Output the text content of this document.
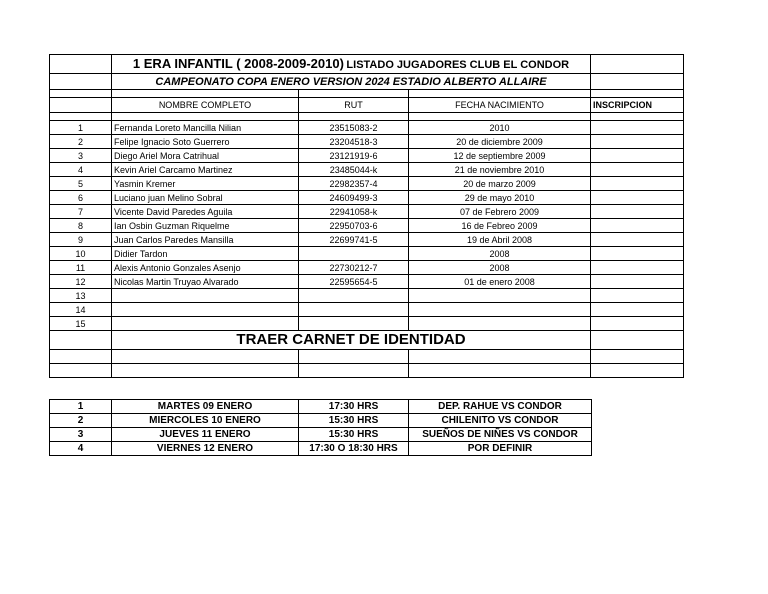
	1 ERA INFANTIL ( 2008-2009-2010) LISTADO JUGADORES CLUB EL CONDOR			
	CAMPEONATO COPA ENERO VERSION 2024 ESTADIO ALBERTO ALLAIRE			

	NOMBRE COMPLETO	RUT	FECHA NACIMIENTO	INSCRIPCION

1	Fernanda Loreto Mancilla Nilian	23515083-2	2010	
2	Felipe Ignacio Soto Guerrero	23204518-3	20 de diciembre 2009	
3	Diego Ariel Mora Catrihual	23121919-6	12 de septiembre 2009	
4	Kevin Ariel Carcamo Martinez	23485044-k	21 de noviembre 2010	
5	Yasmin Kremer	22982357-4	20 de marzo 2009	
6	Luciano juan Melino Sobral	24609499-3	29 de mayo 2010	
7	Vicente David Paredes Aguila	22941058-k	07 de Febrero 2009	
8	Ian Osbin Guzman Riquelme	22950703-6	16 de Febreo 2009	
9	Juan Carlos Paredes Mansilla	22699741-5	19 de Abril 2008	
10	Didier Tardon		2008	
11	Alexis Antonio Gonzales Asenjo	22730212-7	2008	
12	Nicolas Martin Truyao Alvarado	22595654-5	01 de enero 2008	
13				
14				
15				
	TRAER CARNET DE IDENTIDAD			

1	MARTES 09 ENERO	17:30 HRS	DEP. RAHUE VS CONDOR
2	MIERCOLES 10 ENERO	15:30 HRS	CHILENITO VS CONDOR
3	JUEVES 11 ENERO	15:30 HRS	SUEÑOS DE NIÑES VS CONDOR
4	VIERNES 12 ENERO	17:30 O 18:30 HRS	POR DEFINIR
